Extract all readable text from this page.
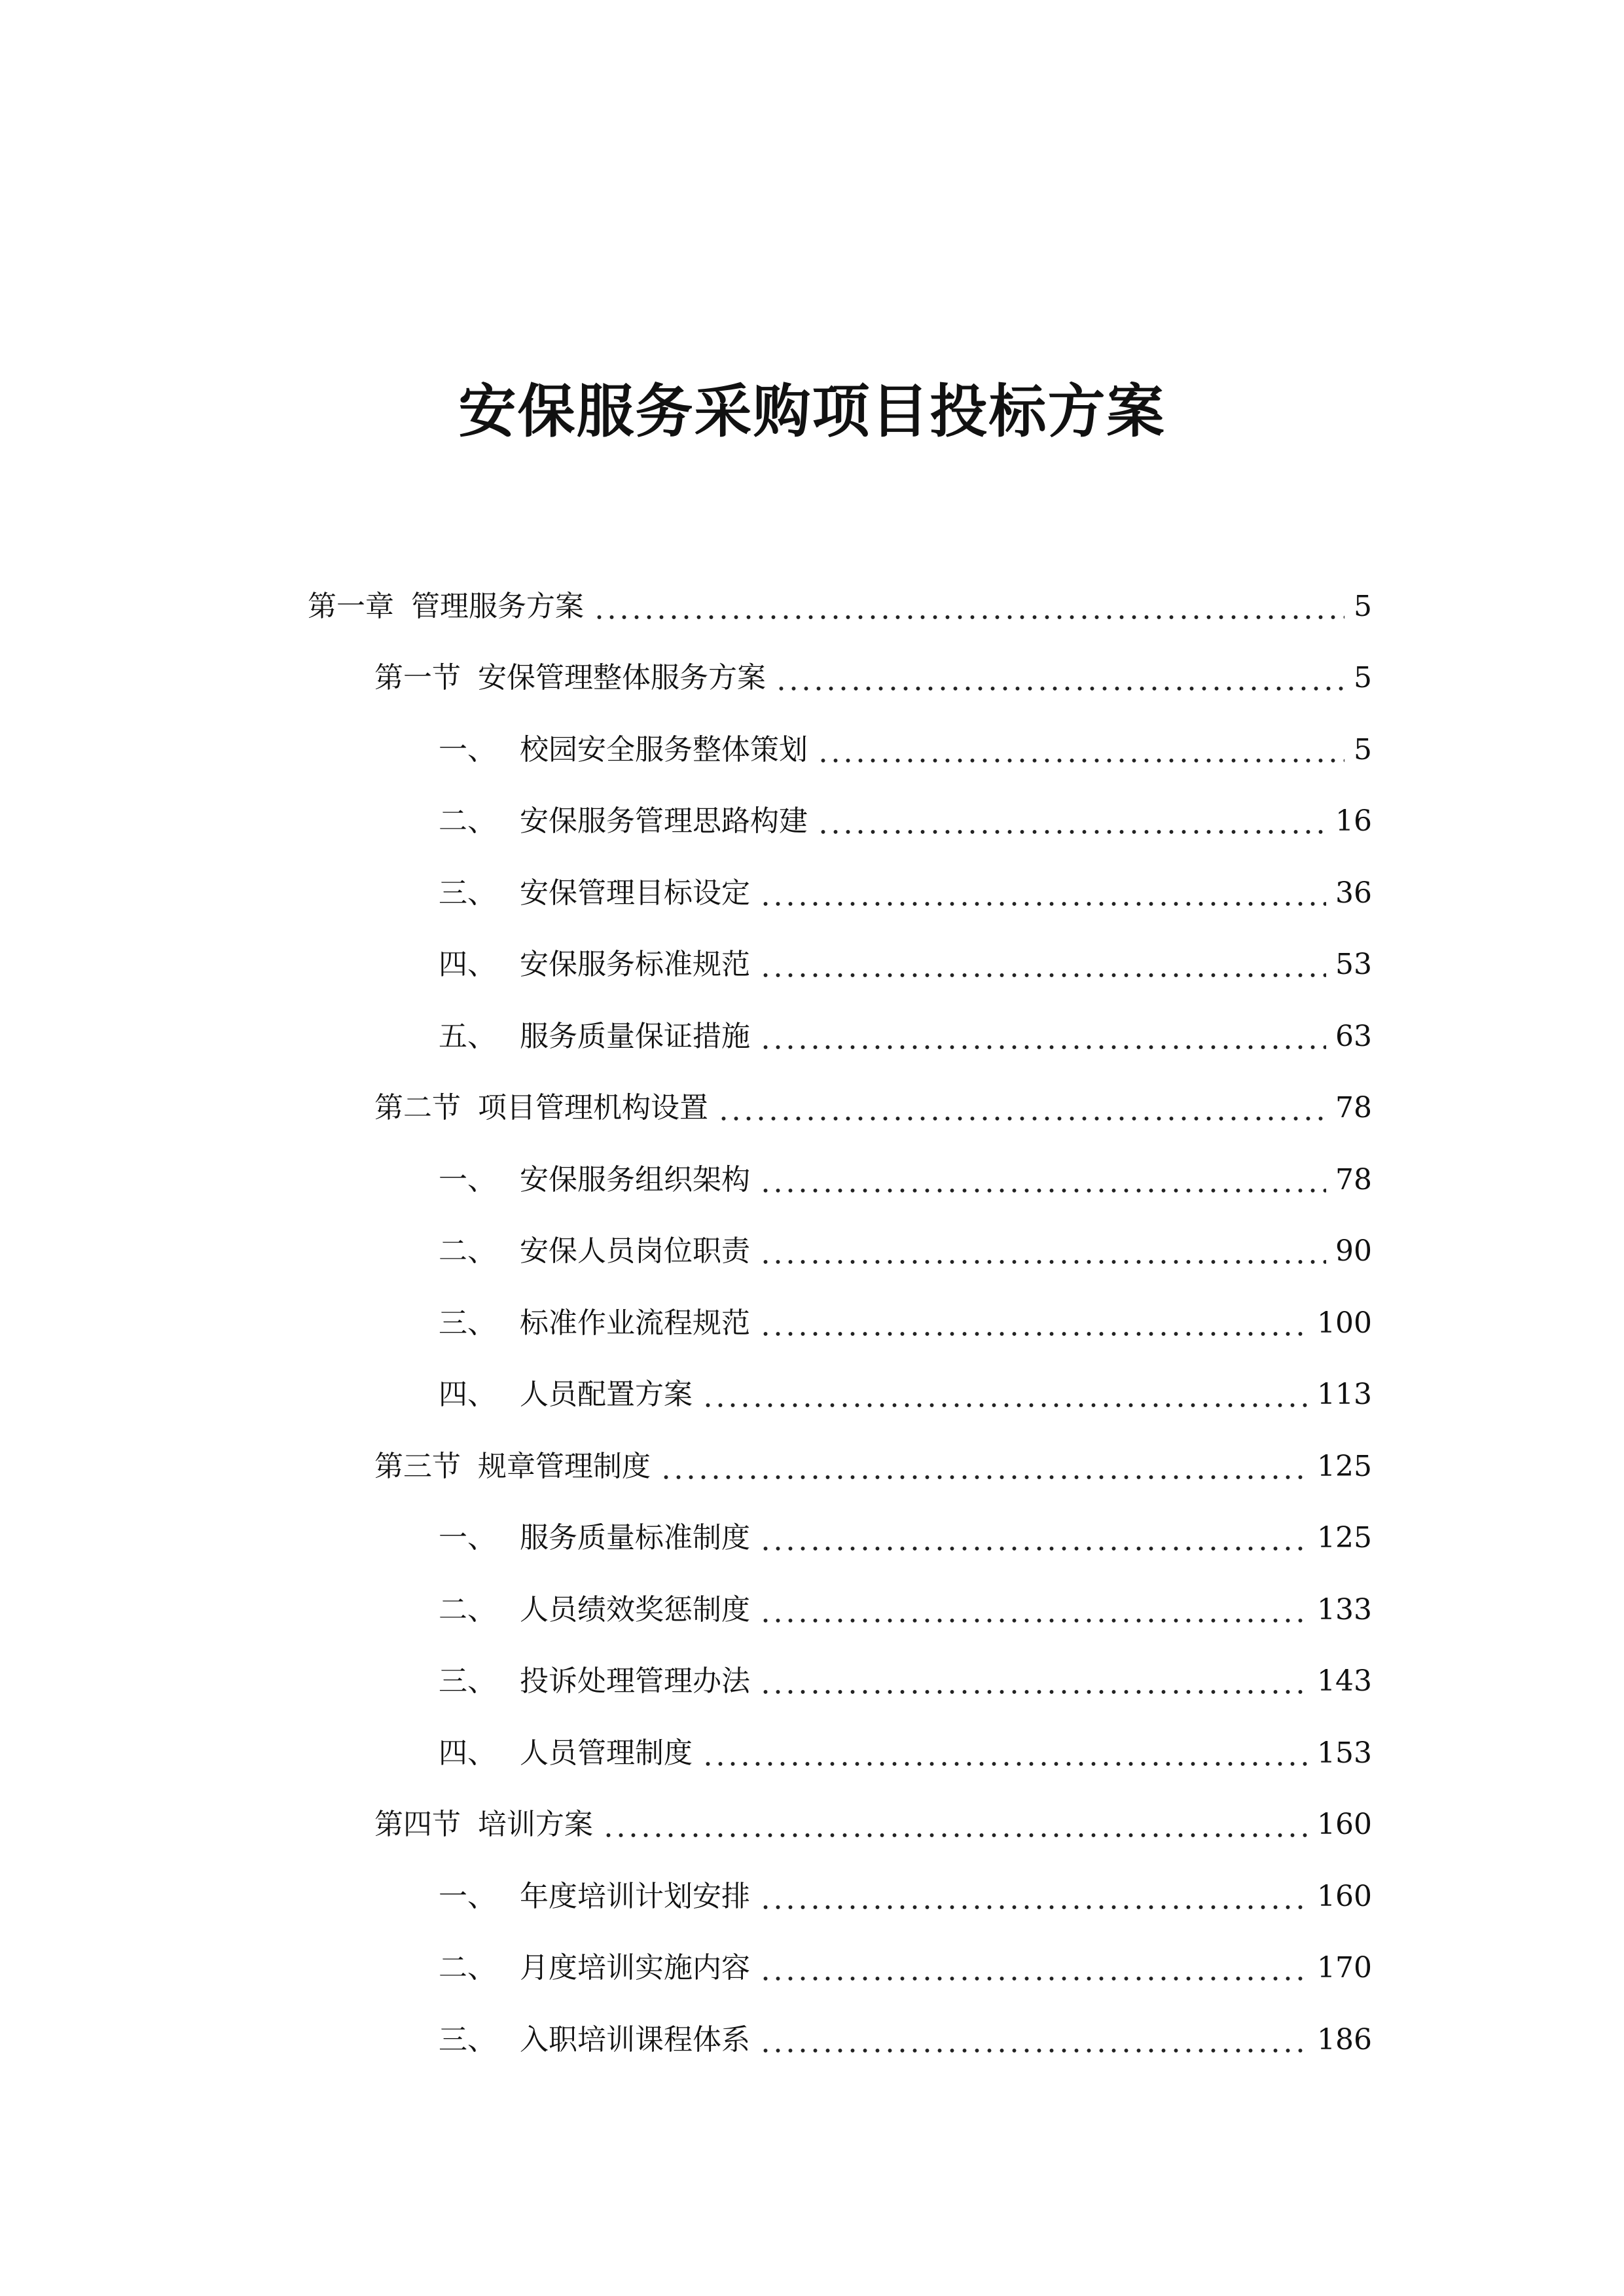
安保服务采购项目投标方案
第一章 管理服务方案	5
第一节 安保管理整体服务方案	5
一、 校园安全服务整体策划	5
二、 安保服务管理思路构建	16
三、 安保管理目标设定	36
四、 安保服务标准规范	53
五、 服务质量保证措施	63
第二节 项目管理机构设置	78
一、 安保服务组织架构	78
二、 安保人员岗位职责	90
三、 标准作业流程规范	100
四、 人员配置方案	113
第三节 规章管理制度	125
一、 服务质量标准制度	125
二、 人员绩效奖惩制度	133
三、 投诉处理管理办法	143
四、 人员管理制度	153
第四节 培训方案	160
一、 年度培训计划安排	160
二、 月度培训实施内容	170
三、 入职培训课程体系	186
